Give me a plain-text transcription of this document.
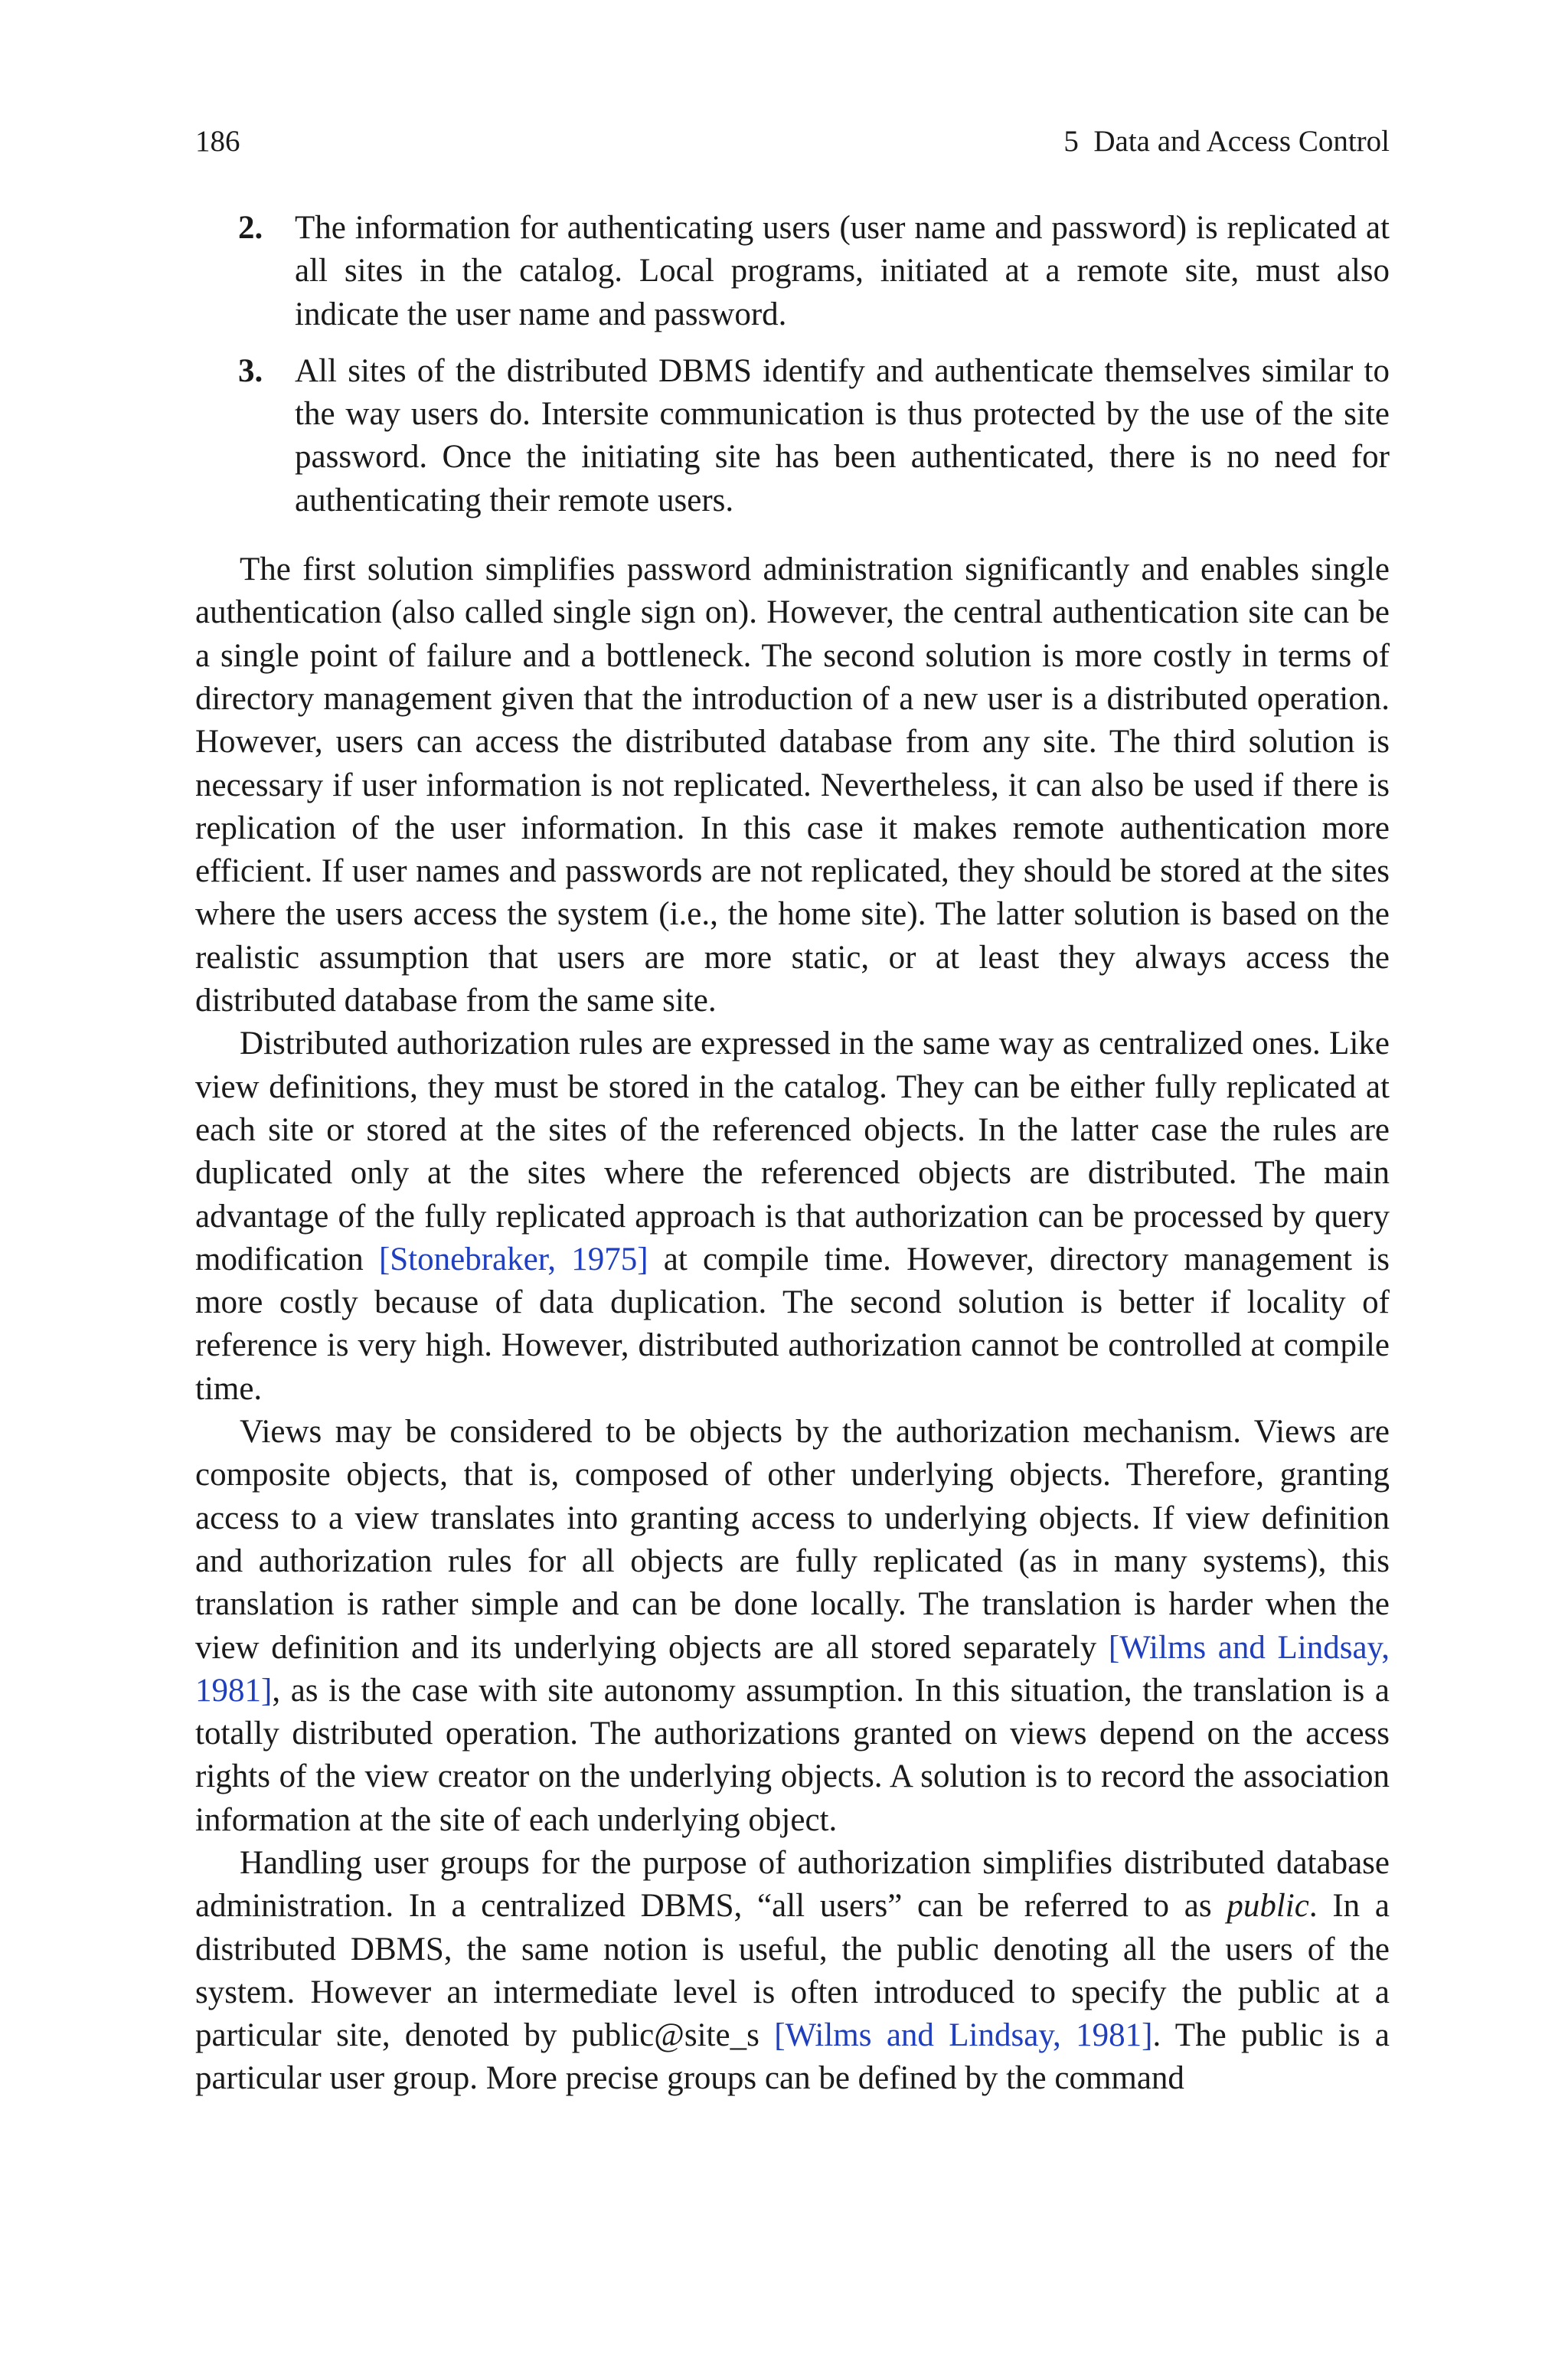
186	5  Data and Access Control
2. The information for authenticating users (user name and password) is replicated at all sites in the catalog. Local programs, initiated at a remote site, must also indicate the user name and password.
3. All sites of the distributed DBMS identify and authenticate themselves similar to the way users do. Intersite communication is thus protected by the use of the site password. Once the initiating site has been authenticated, there is no need for authenticating their remote users.

The first solution simplifies password administration significantly and enables single authentication (also called single sign on). However, the central authentication site can be a single point of failure and a bottleneck. The second solution is more costly in terms of directory management given that the introduction of a new user is a distributed operation. However, users can access the distributed database from any site. The third solution is necessary if user information is not replicated. Nevertheless, it can also be used if there is replication of the user information. In this case it makes remote authentication more efficient. If user names and passwords are not replicated, they should be stored at the sites where the users access the system (i.e., the home site). The latter solution is based on the realistic assumption that users are more static, or at least they always access the distributed database from the same site.

Distributed authorization rules are expressed in the same way as centralized ones. Like view definitions, they must be stored in the catalog. They can be either fully replicated at each site or stored at the sites of the referenced objects. In the latter case the rules are duplicated only at the sites where the referenced objects are distributed. The main advantage of the fully replicated approach is that authorization can be processed by query modification [Stonebraker, 1975] at compile time. However, directory management is more costly because of data duplication. The second solution is better if locality of reference is very high. However, distributed authorization cannot be controlled at compile time.

Views may be considered to be objects by the authorization mechanism. Views are composite objects, that is, composed of other underlying objects. Therefore, granting access to a view translates into granting access to underlying objects. If view definition and authorization rules for all objects are fully replicated (as in many systems), this translation is rather simple and can be done locally. The translation is harder when the view definition and its underlying objects are all stored separately [Wilms and Lindsay, 1981], as is the case with site autonomy assumption. In this situation, the translation is a totally distributed operation. The authorizations granted on views depend on the access rights of the view creator on the underlying objects. A solution is to record the association information at the site of each underlying object.

Handling user groups for the purpose of authorization simplifies distributed database administration. In a centralized DBMS, “all users” can be referred to as public. In a distributed DBMS, the same notion is useful, the public denoting all the users of the system. However an intermediate level is often introduced to specify the public at a particular site, denoted by public@site_s [Wilms and Lindsay, 1981]. The public is a particular user group. More precise groups can be defined by the command
